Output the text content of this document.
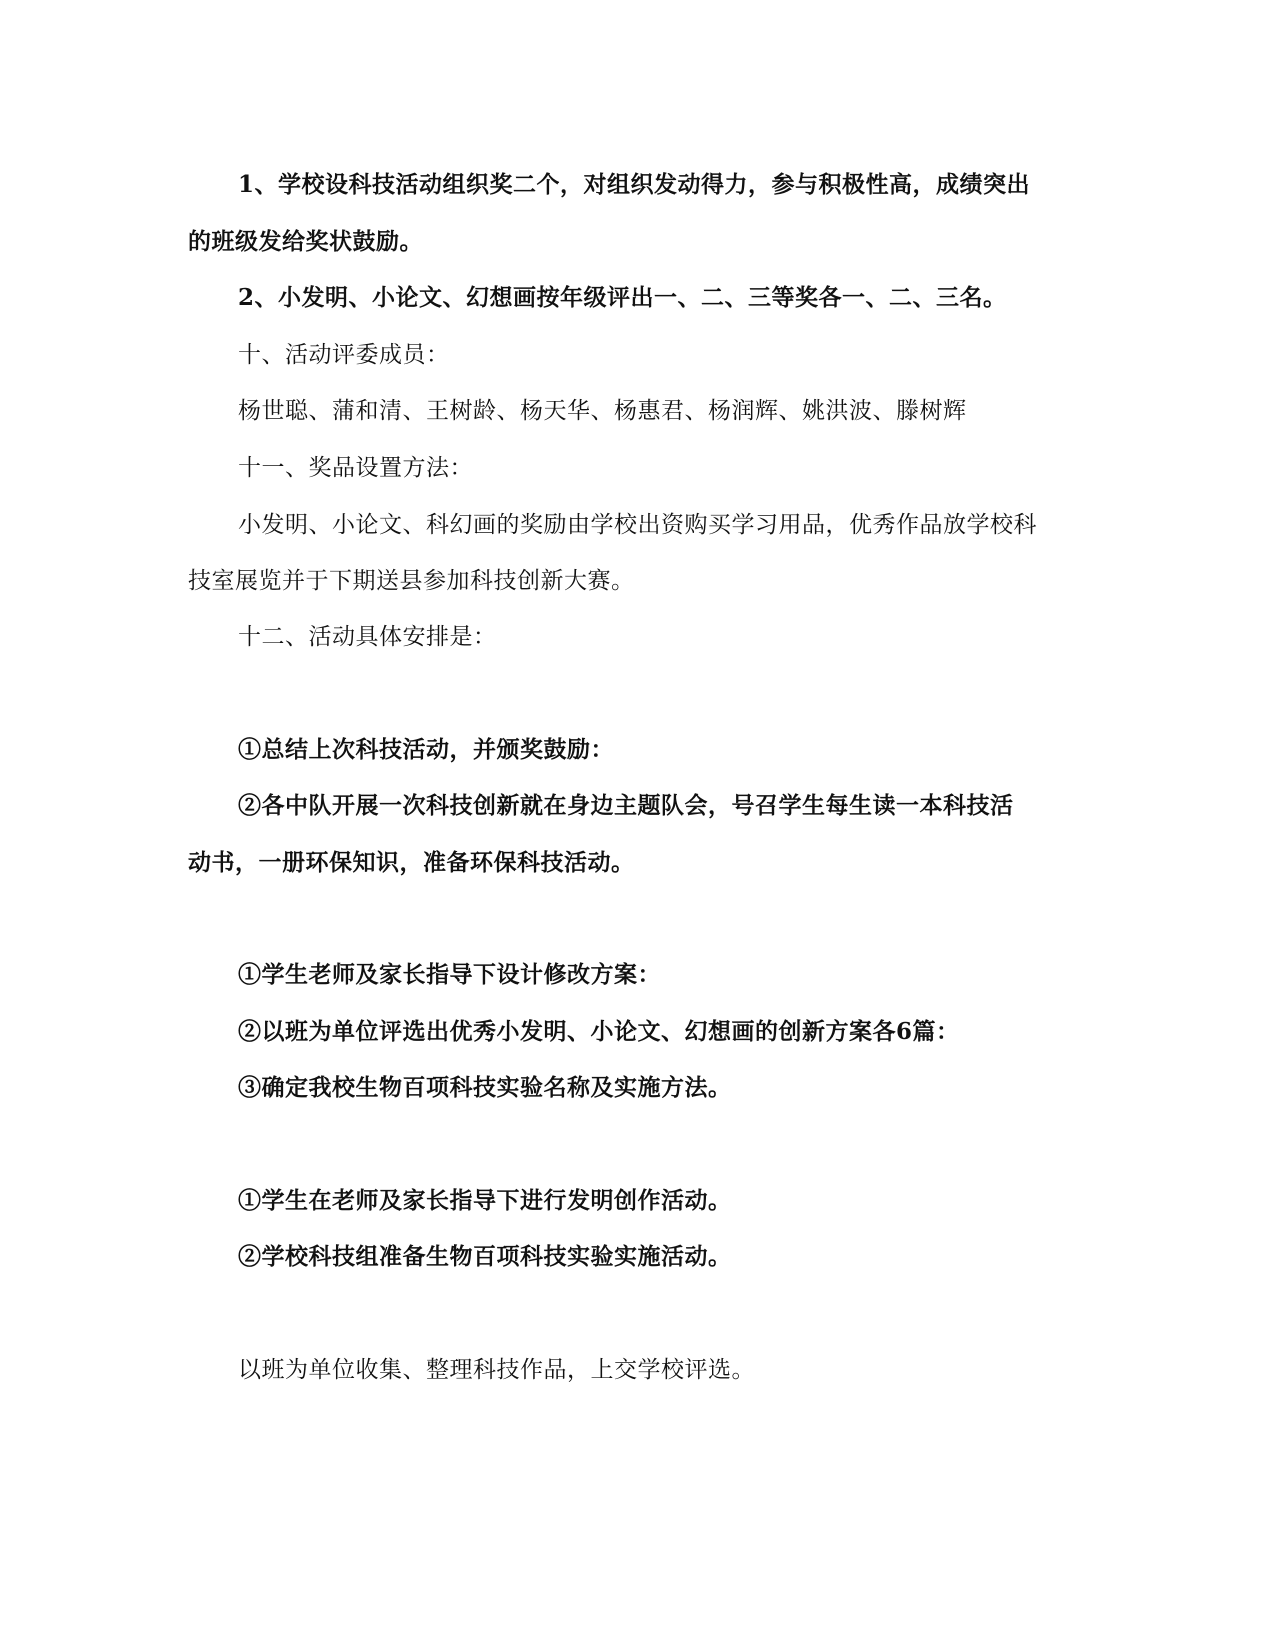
1、学校设科技活动组织奖二个，对组织发动得力，参与积极性高，成绩突出
的班级发给奖状鼓励。
2、小发明、小论文、幻想画按年级评出一、二、三等奖各一、二、三名。
十、活动评委成员：
杨世聪、蒲和清、王树龄、杨天华、杨惠君、杨润辉、姚洪波、滕树辉
十一、奖品设置方法：
小发明、小论文、科幻画的奖励由学校出资购买学习用品，优秀作品放学校科
技室展览并于下期送县参加科技创新大赛。
十二、活动具体安排是：
①总结上次科技活动，并颁奖鼓励：
②各中队开展一次科技创新就在身边主题队会，号召学生每生读一本科技活
动书，一册环保知识，准备环保科技活动。
①学生老师及家长指导下设计修改方案：
②以班为单位评选出优秀小发明、小论文、幻想画的创新方案各6篇：
③确定我校生物百项科技实验名称及实施方法。
①学生在老师及家长指导下进行发明创作活动。
②学校科技组准备生物百项科技实验实施活动。
以班为单位收集、整理科技作品，上交学校评选。
